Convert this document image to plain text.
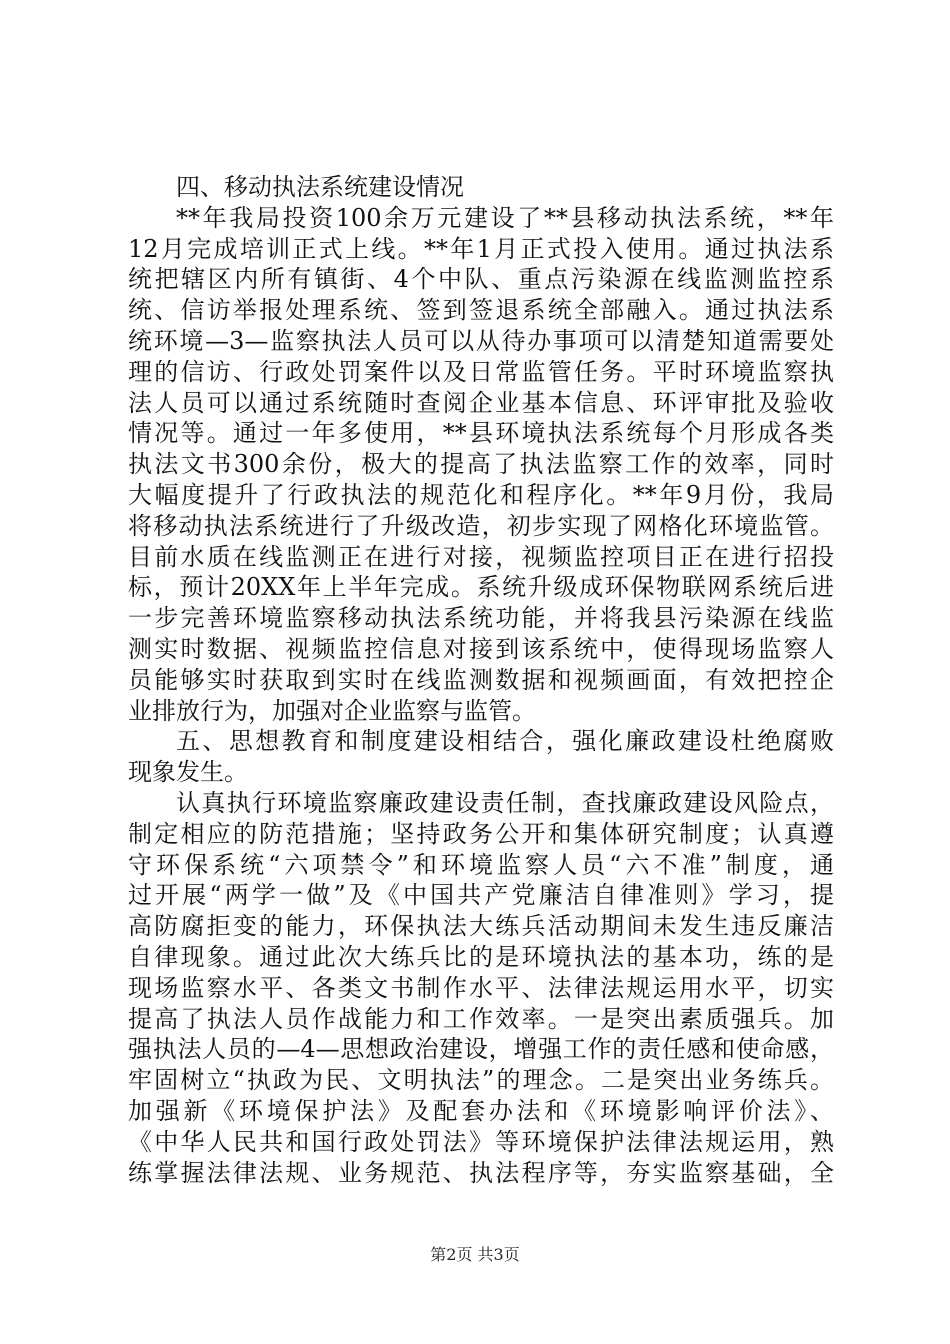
四、移动执法系统建设情况
**年我局投资100余万元建设了**县移动执法系统，**年
12月完成培训正式上线。**年1月正式投入使用。通过执法系
统把辖区内所有镇街、4个中队、重点污染源在线监测监控系
统、信访举报处理系统、签到签退系统全部融入。通过执法系
统环境—3—监察执法人员可以从待办事项可以清楚知道需要处
理的信访、行政处罚案件以及日常监管任务。平时环境监察执
法人员可以通过系统随时查阅企业基本信息、环评审批及验收
情况等。通过一年多使用，**县环境执法系统每个月形成各类
执法文书300余份，极大的提高了执法监察工作的效率，同时
大幅度提升了行政执法的规范化和程序化。**年9月份，我局
将移动执法系统进行了升级改造，初步实现了网格化环境监管。
目前水质在线监测正在进行对接，视频监控项目正在进行招投
标，预计20XX年上半年完成。系统升级成环保物联网系统后进
一步完善环境监察移动执法系统功能，并将我县污染源在线监
测实时数据、视频监控信息对接到该系统中，使得现场监察人
员能够实时获取到实时在线监测数据和视频画面，有效把控企
业排放行为，加强对企业监察与监管。
五、思想教育和制度建设相结合，强化廉政建设杜绝腐败
现象发生。
认真执行环境监察廉政建设责任制，查找廉政建设风险点，
制定相应的防范措施；坚持政务公开和集体研究制度；认真遵
守环保系统“六项禁令”和环境监察人员“六不准”制度，通
过开展“两学一做”及《中国共产党廉洁自律准则》学习，提
高防腐拒变的能力，环保执法大练兵活动期间未发生违反廉洁
自律现象。通过此次大练兵比的是环境执法的基本功，练的是
现场监察水平、各类文书制作水平、法律法规运用水平，切实
提高了执法人员作战能力和工作效率。一是突出素质强兵。加
强执法人员的—4—思想政治建设，增强工作的责任感和使命感，
牢固树立“执政为民、文明执法”的理念。二是突出业务练兵。
加强新《环境保护法》及配套办法和《环境影响评价法》、
《中华人民共和国行政处罚法》等环境保护法律法规运用，熟
练掌握法律法规、业务规范、执法程序等，夯实监察基础，全
第2页 共3页
